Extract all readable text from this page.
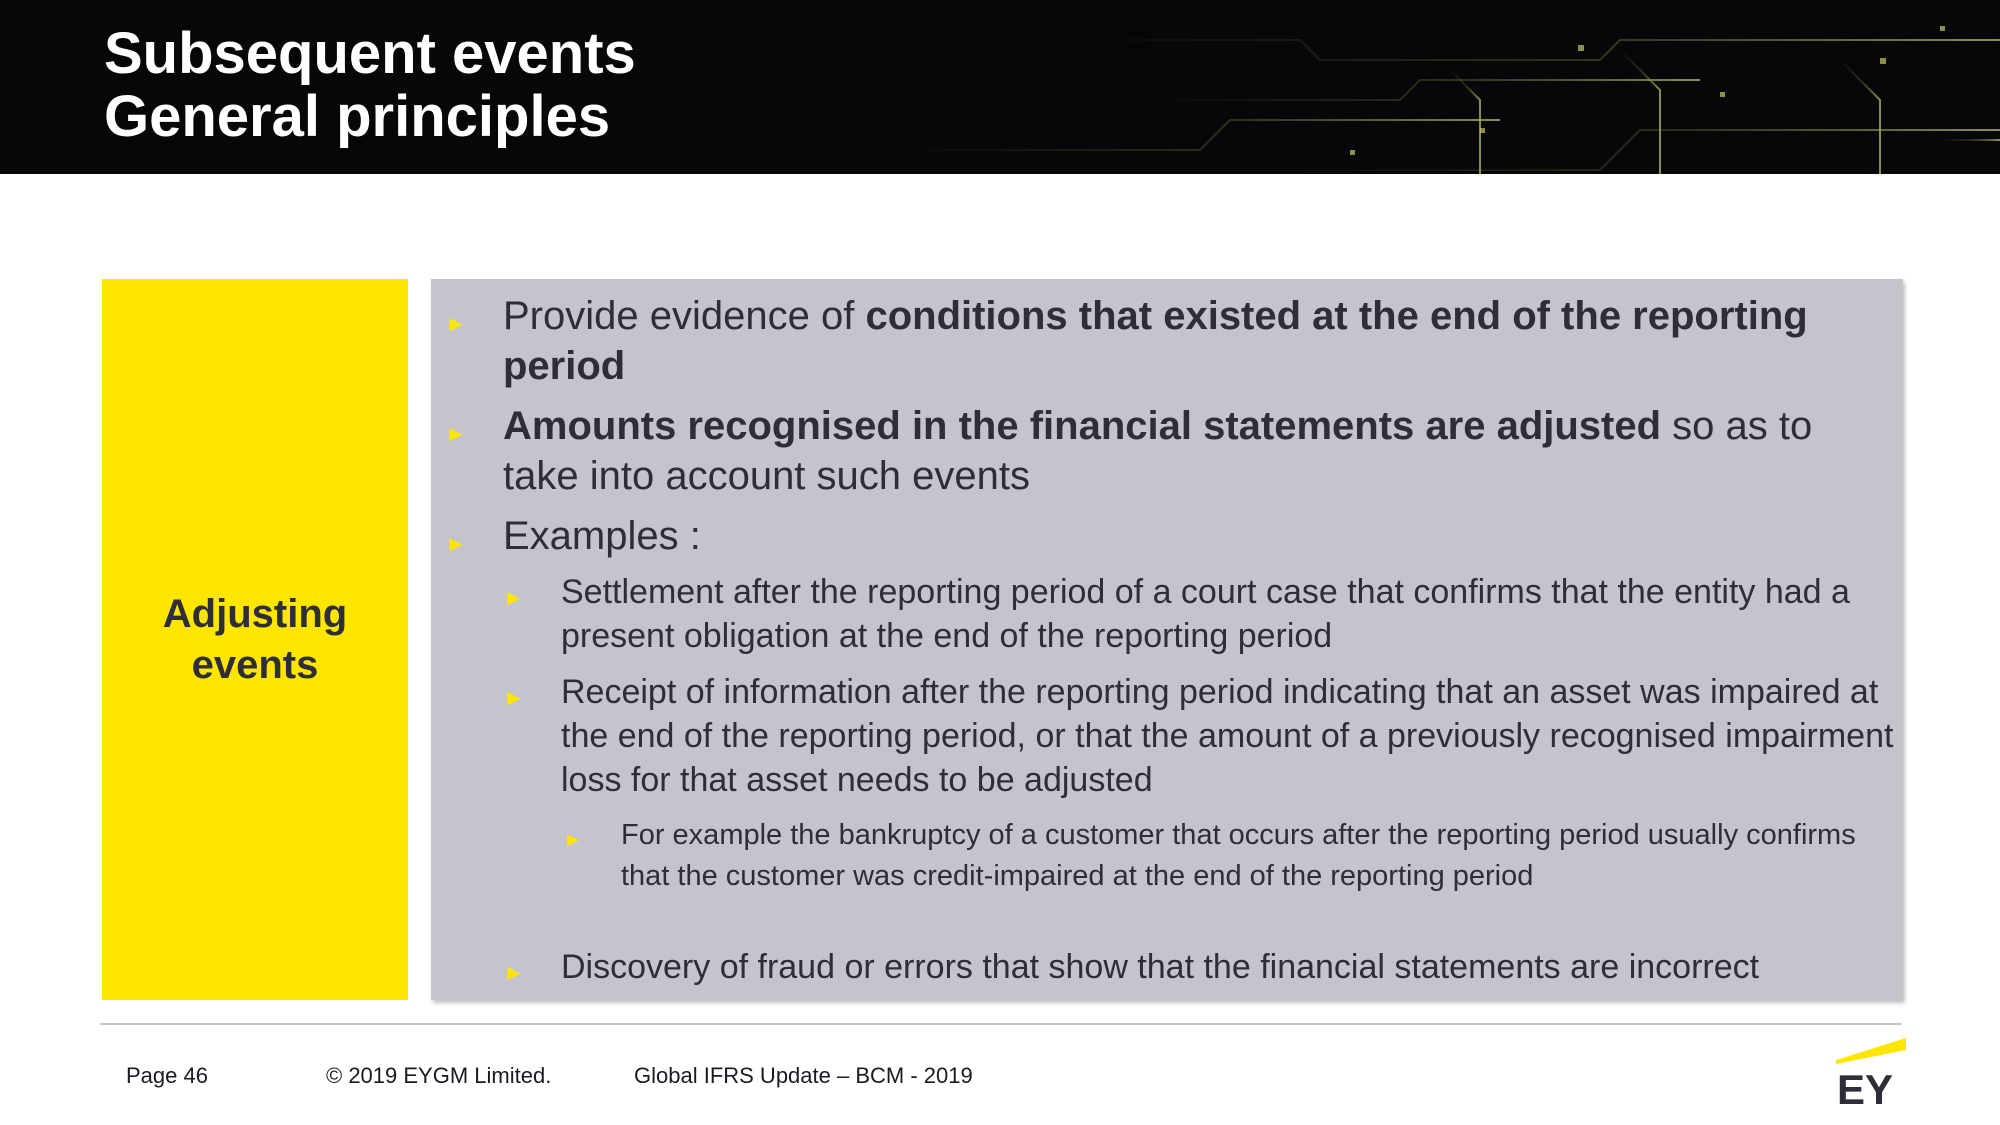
Subsequent events
General principles
Adjusting
events
► Provide evidence of conditions that existed at the end of the reporting period
► Amounts recognised in the financial statements are adjusted so as to take into account such events
► Examples :
► Settlement after the reporting period of a court case that confirms that the entity had a present obligation at the end of the reporting period
► Receipt of information after the reporting period indicating that an asset was impaired at the end of the reporting period, or that the amount of a previously recognised impairment loss for that asset needs to be adjusted
► For example the bankruptcy of a customer that occurs after the reporting period usually confirms that the customer was credit-impaired at the end of the reporting period
► Discovery of fraud or errors that show that the financial statements are incorrect
Page 46	© 2019 EYGM Limited.	Global IFRS Update – BCM - 2019	EY
